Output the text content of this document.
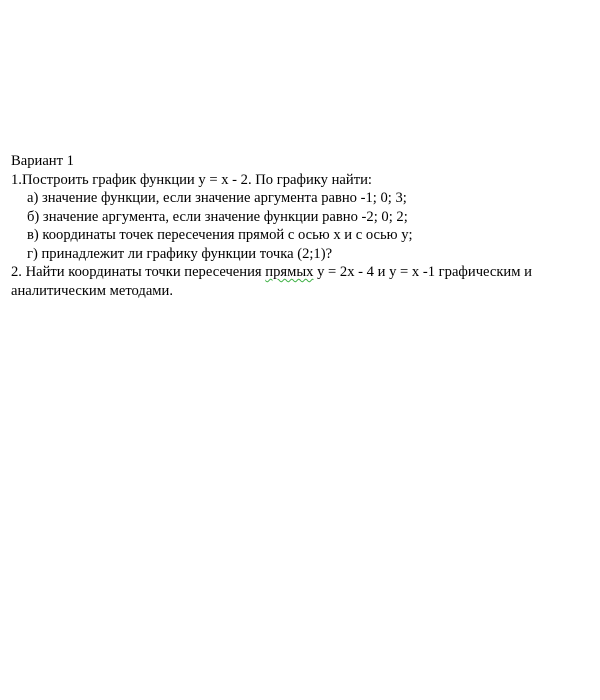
Вариант 1
1.Построить график функции y = x - 2. По графику найти:
а) значение функции, если значение аргумента равно -1; 0; 3;
б) значение аргумента, если значение функции равно -2; 0; 2;
в) координаты точек пересечения прямой с осью x и с осью y;
г) принадлежит ли графику функции точка (2;1)?
2. Найти координаты точки пересечения прямых y = 2x - 4 и y = x -1 графическим и
аналитическим методами.
